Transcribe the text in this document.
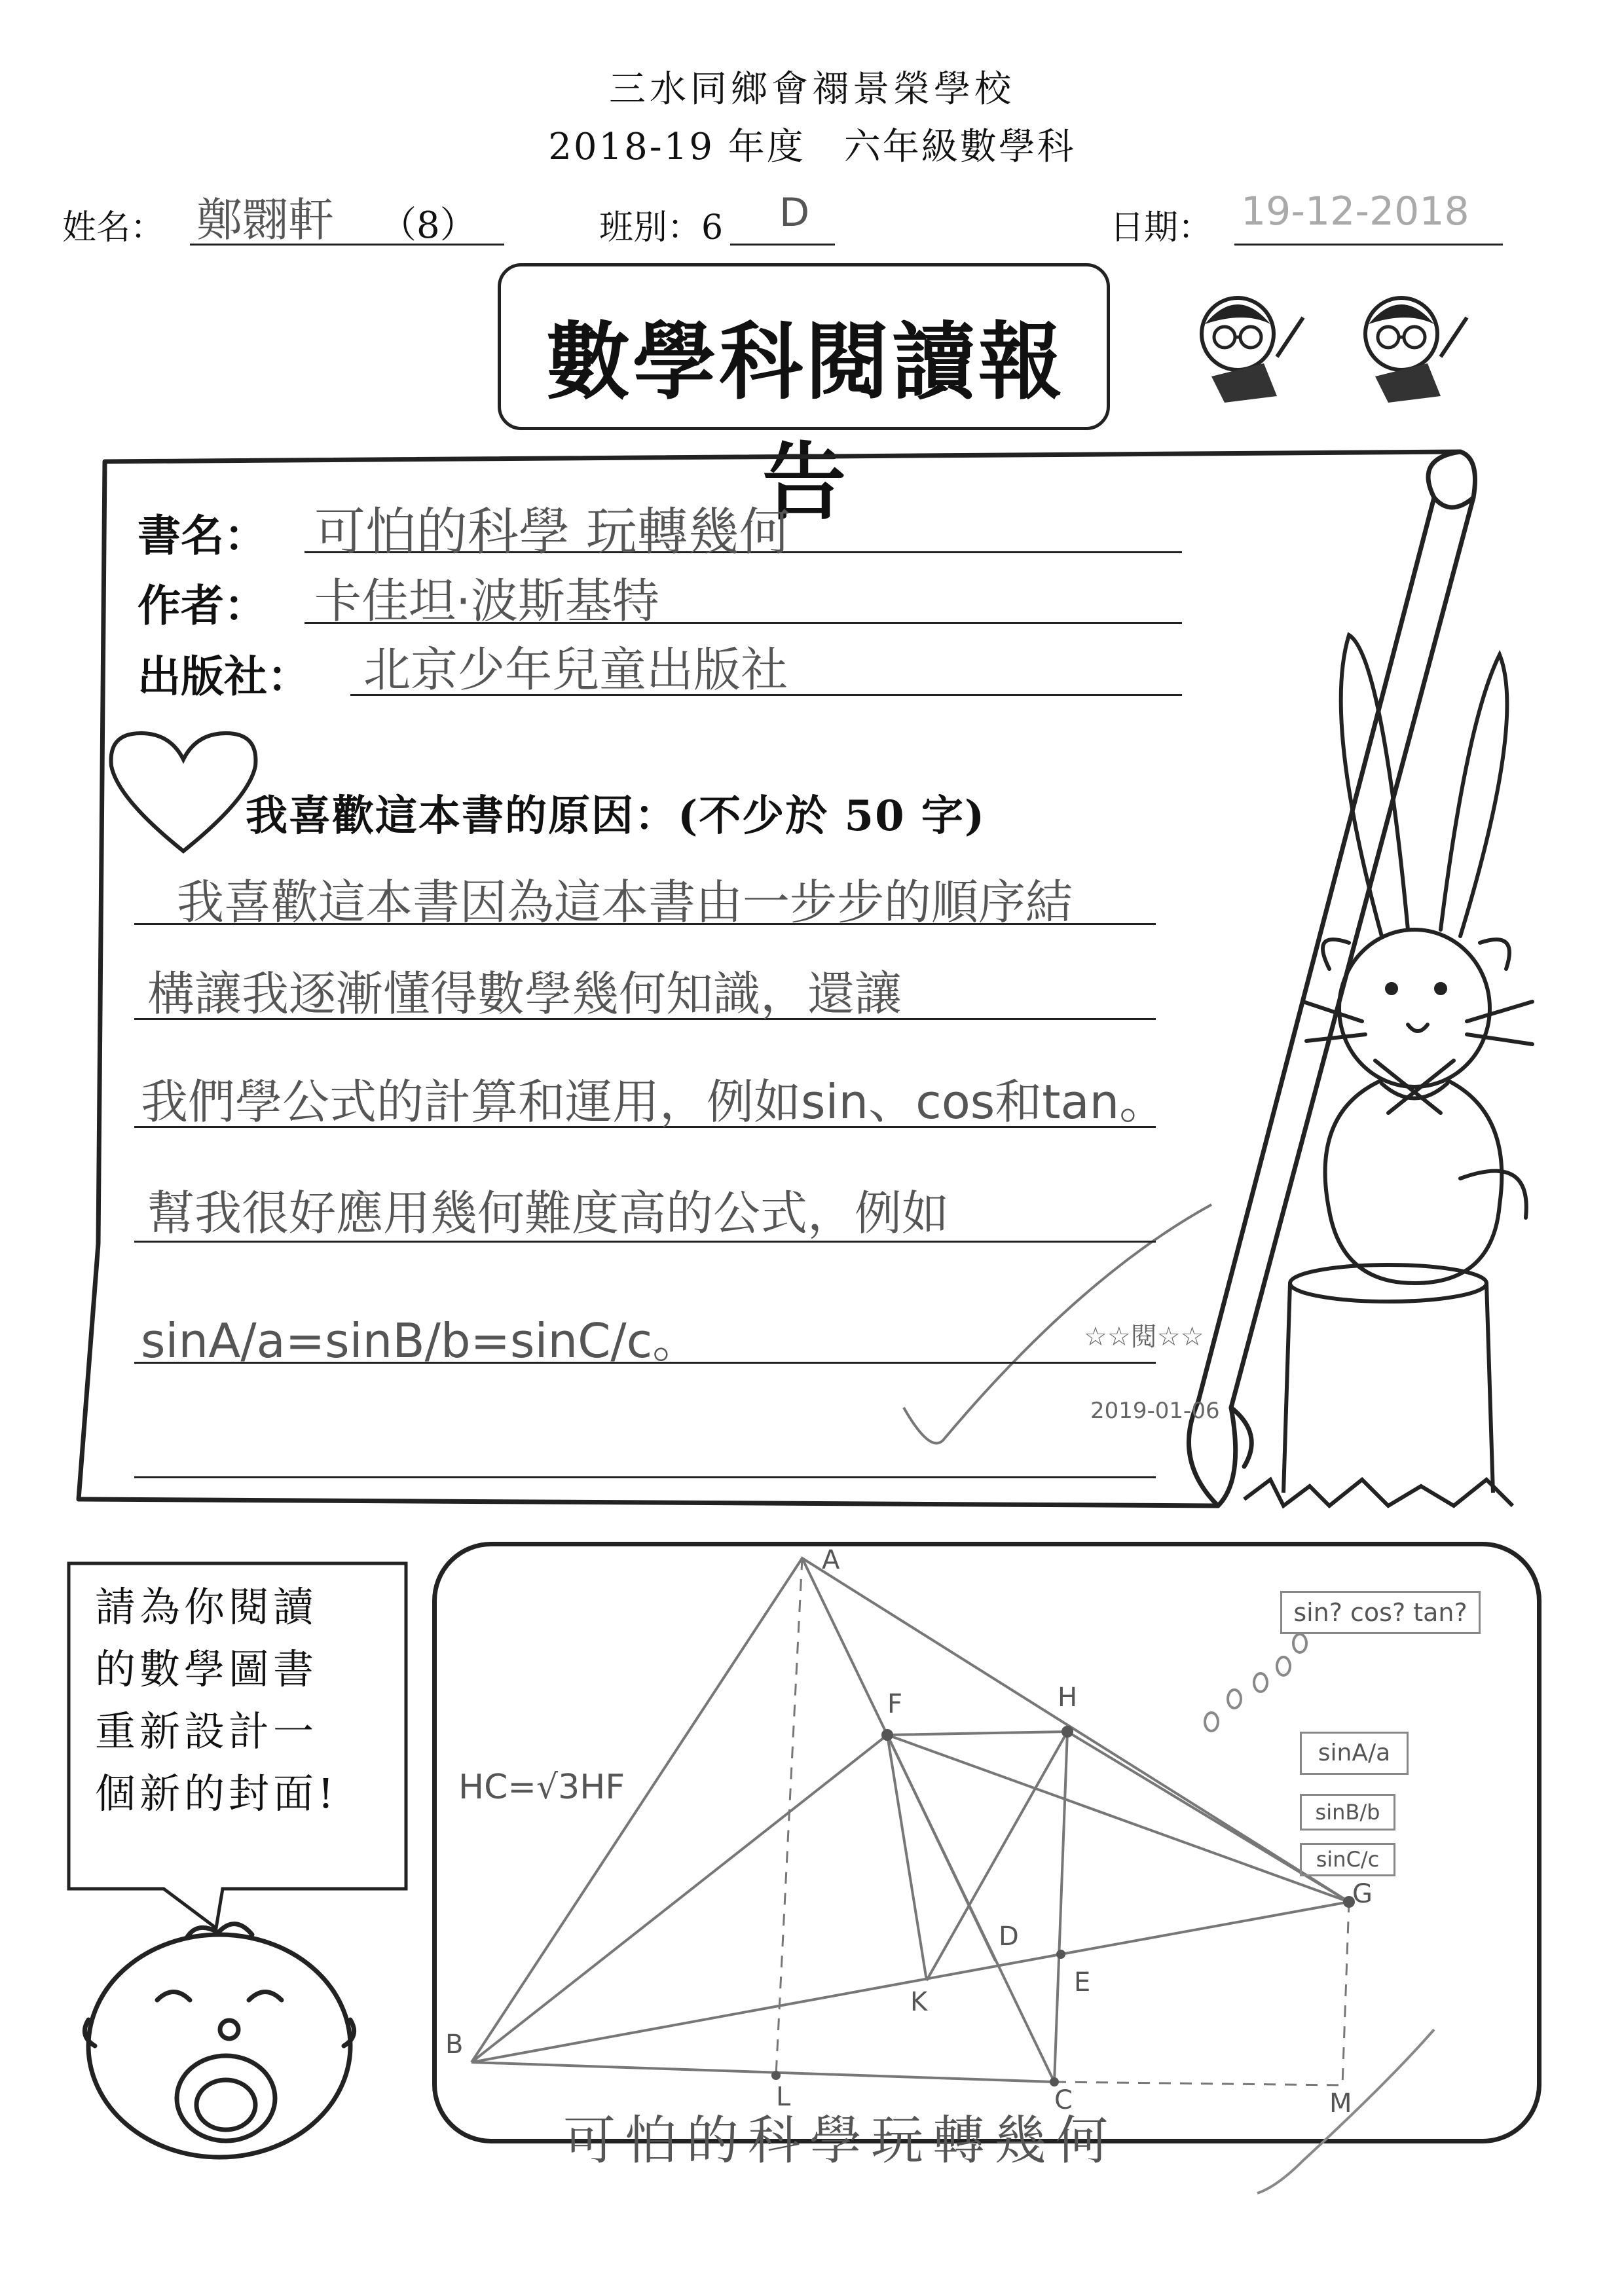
三水同鄉會禤景榮學校
2018-19 年度　六年級數學科
姓名： 鄭翾軒 （8）	班別：6 D	日期： 19-12-2018
數學科閱讀報告
書名： 可怕的科學 玩轉幾何
作者： 卡佳坦·波斯基特
出版社： 北京少年兒童出版社
我喜歡這本書的原因：(不少於 50 字)
我喜歡這本書因為這本書由一步步的順序結
構讓我逐漸懂得數學幾何知識，還讓
我們學公式的計算和運用，例如sin、cos和tan。
幫我很好應用幾何難度高的公式，例如
sinA/a=sinB/b=sinC/c。	☆☆閱☆☆
2019-01-06
請為你閱讀
的數學圖書
重新設計一
個新的封面!
A
B
C
D
E
F
G
H
K
L	M
HC=√3HF
sin? cos? tan?
sinA/a
sinB/b
sinC/c
可怕的科學玩轉幾何
